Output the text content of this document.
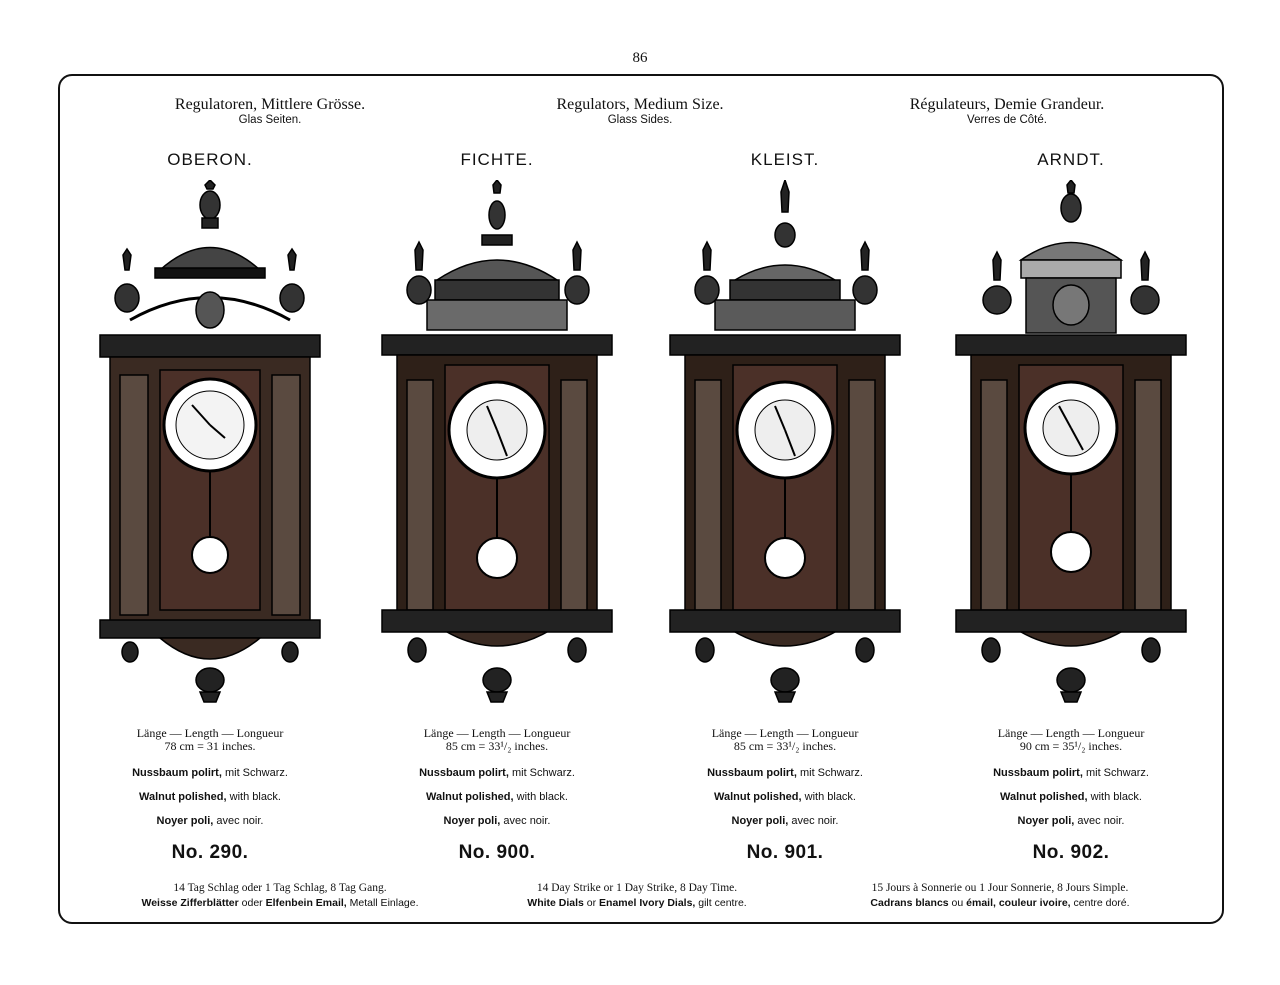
86
Regulatoren, Mittlere Grösse.
Glas Seiten.
Regulators, Medium Size.
Glass Sides.
Régulateurs, Demie Grandeur.
Verres de Côté.
OBERON.	FICHTE.	KLEIST.	ARNDT.
Länge — Length — Longueur
78 cm = 31 inches.
Nussbaum polirt, mit Schwarz.
Walnut polished, with black.
Noyer poli, avec noir.
Länge — Length — Longueur
85 cm = 33¹/₂ inches.
Nussbaum polirt, mit Schwarz.
Walnut polished, with black.
Noyer poli, avec noir.
Länge — Length — Longueur
85 cm = 33¹/₂ inches.
Nussbaum polirt, mit Schwarz.
Walnut polished, with black.
Noyer poli, avec noir.
Länge — Length — Longueur
90 cm = 35¹/₂ inches.
Nussbaum polirt, mit Schwarz.
Walnut polished, with black.
Noyer poli, avec noir.
No. 290.	No. 900.	No. 901.	No. 902.
14 Tag Schlag oder 1 Tag Schlag, 8 Tag Gang.
Weisse Zifferblätter oder Elfenbein Email, Metall Einlage.
14 Day Strike or 1 Day Strike, 8 Day Time.
White Dials or Enamel Ivory Dials, gilt centre.
15 Jours à Sonnerie ou 1 Jour Sonnerie, 8 Jours Simple.
Cadrans blancs ou émail, couleur ivoire, centre doré.
